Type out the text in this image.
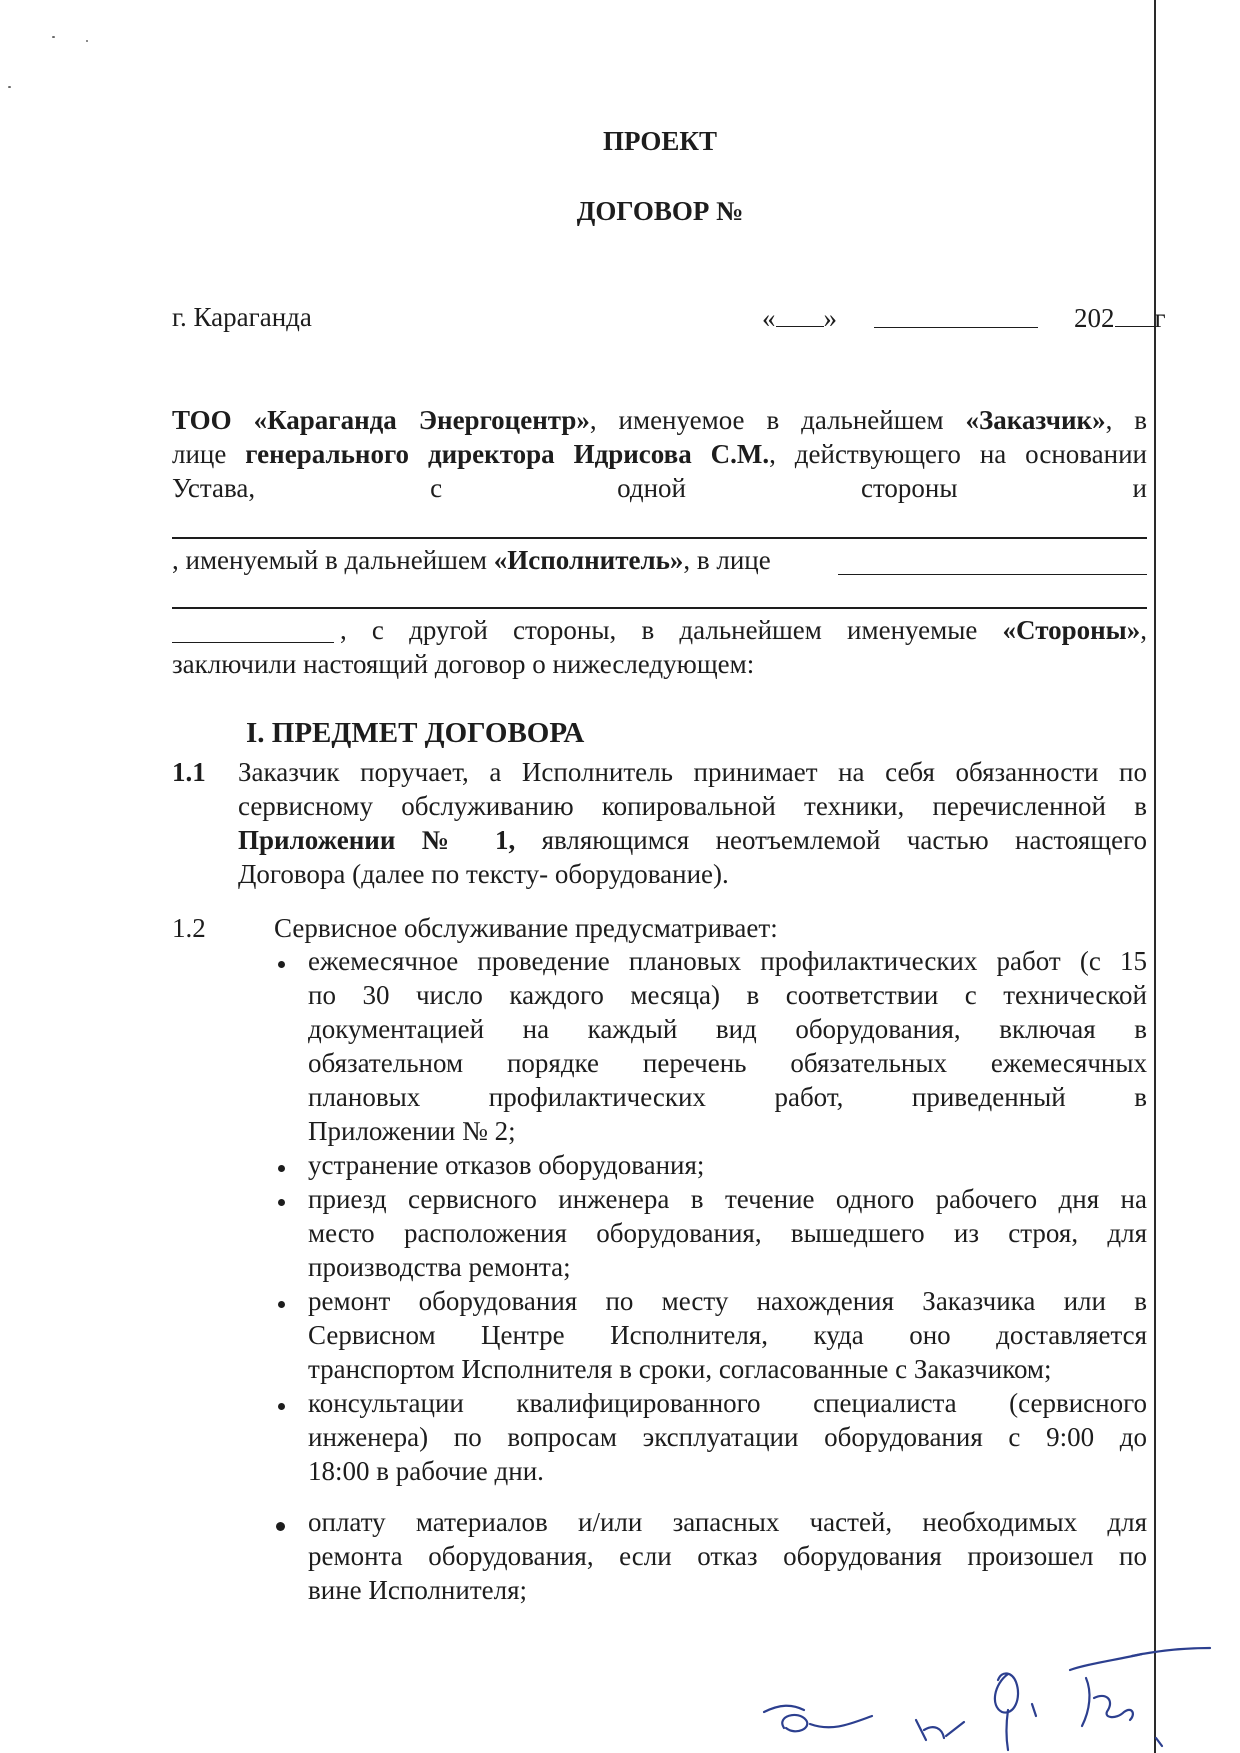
ПРОЕКТ
ДОГОВОР №
г. Караганда	« »	202 г
ТОО «Караганда Энергоцентр», именуемое в дальнейшем «Заказчик», в
лице генерального директора Идрисова С.М., действующего на основании
Устава, с одной стороны и
, именуемый в дальнейшем «Исполнитель», в лице
, с другой стороны, в дальнейшем именуемые «Стороны»,
заключили настоящий договор о нижеследующем:
I. ПРЕДМЕТ ДОГОВОРА
1.1 Заказчик поручает, а Исполнитель принимает на себя обязанности по
сервисному обслуживанию копировальной техники, перечисленной в
Приложении № 1, являющимся неотъемлемой частью настоящего
Договора (далее по тексту- оборудование).
1.2	Сервисное обслуживание предусматривает:
ежемесячное проведение плановых профилактических работ (с 15
по 30 число каждого месяца) в соответствии с технической
документацией на каждый вид оборудования, включая в
обязательном порядке перечень обязательных ежемесячных
плановых профилактических работ, приведенный в
Приложении № 2;
устранение отказов оборудования;
приезд сервисного инженера в течение одного рабочего дня на
место расположения оборудования, вышедшего из строя, для
производства ремонта;
ремонт оборудования по месту нахождения Заказчика или в
Сервисном Центре Исполнителя, куда оно доставляется
транспортом Исполнителя в сроки, согласованные с Заказчиком;
консультации квалифицированного специалиста (сервисного
инженера) по вопросам эксплуатации оборудования с 9:00 до
18:00 в рабочие дни.
оплату материалов и/или запасных частей, необходимых для
ремонта оборудования, если отказ оборудования произошел по
вине Исполнителя;
